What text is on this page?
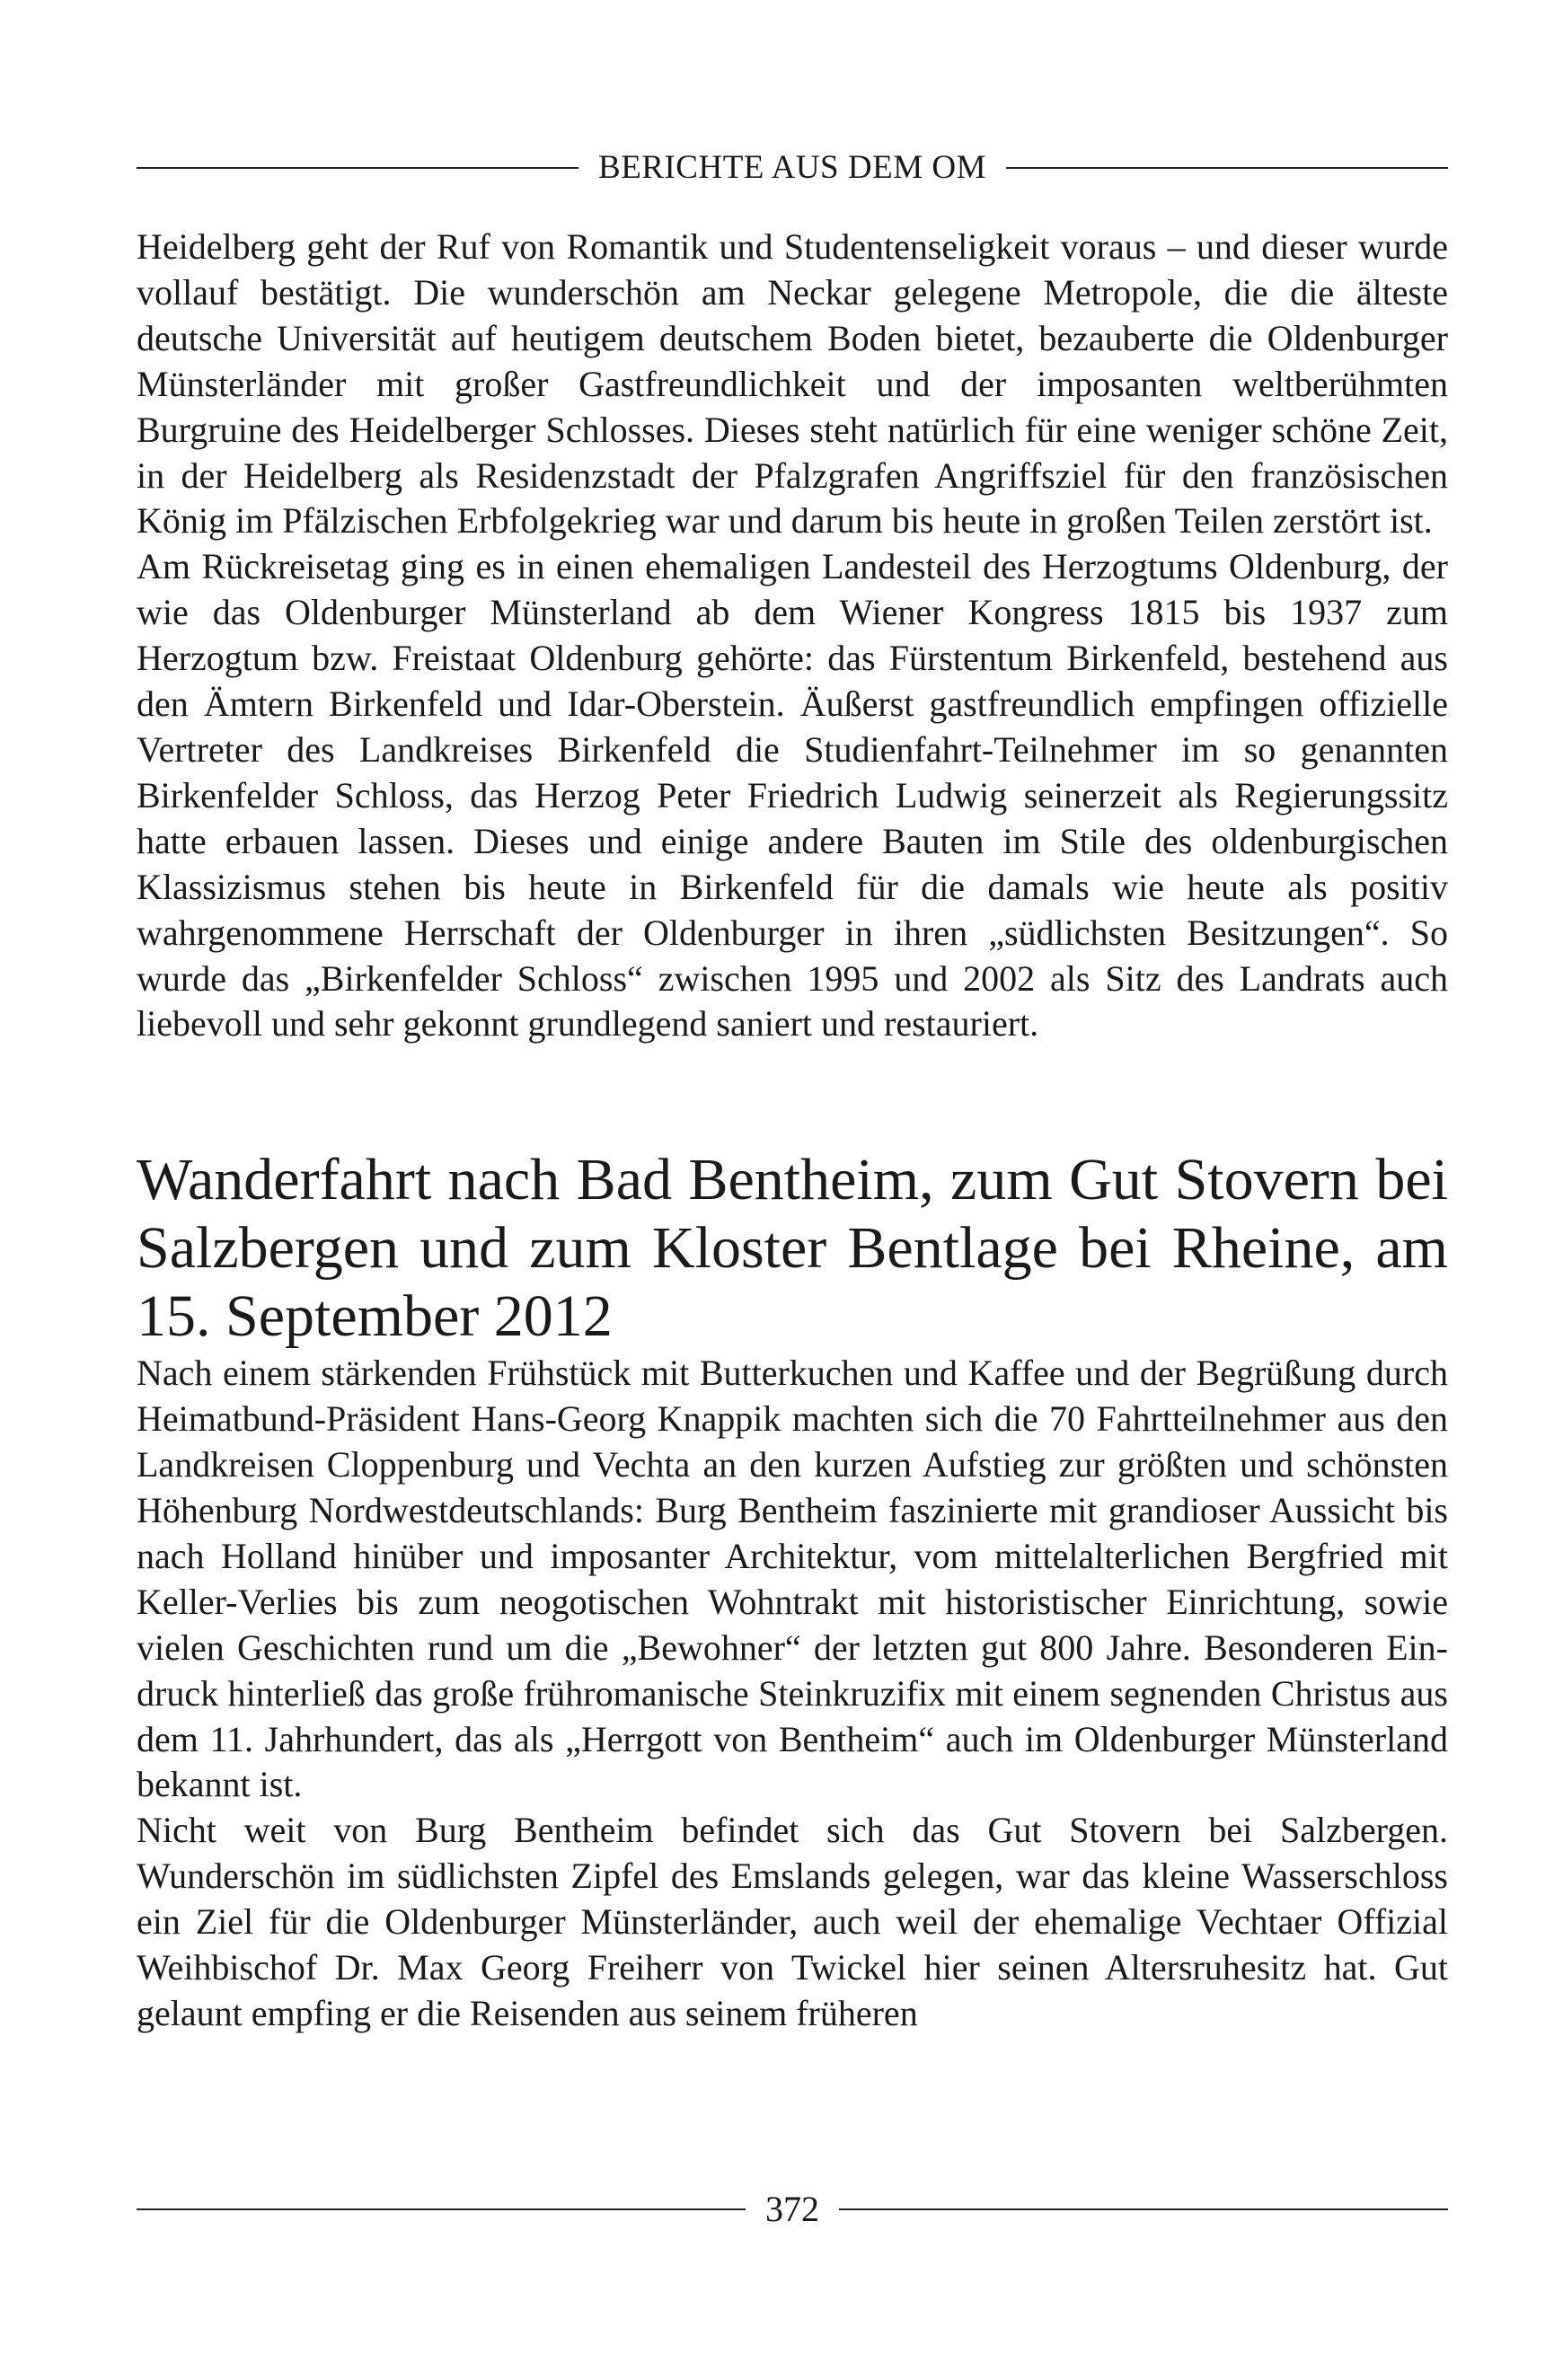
BERICHTE AUS DEM OM

Heidelberg geht der Ruf von Romantik und Studentenseligkeit voraus – und dieser wurde vollauf bestätigt. Die wunderschön am Neckar gelegene Metropole, die die älteste deutsche Universität auf heutigem deutschem Boden bietet, bezauberte die Oldenburger Münsterländer mit großer Gastfreundlichkeit und der imposanten weltberühmten Burgruine des Heidelberger Schlosses. Dieses steht natürlich für eine weniger schöne Zeit, in der Heidelberg als Residenzstadt der Pfalzgrafen Angriffsziel für den französischen König im Pfälzischen Erbfolgekrieg war und darum bis heute in großen Teilen zerstört ist.

Am Rückreisetag ging es in einen ehemaligen Landesteil des Herzogtums Oldenburg, der wie das Oldenburger Münsterland ab dem Wiener Kongress 1815 bis 1937 zum Herzogtum bzw. Freistaat Oldenburg gehörte: das Fürstentum Birkenfeld, bestehend aus den Ämtern Birkenfeld und Idar-Oberstein. Äußerst gastfreundlich empfingen offizielle Vertreter des Landkreises Birkenfeld die Studienfahrt-Teilnehmer im so genannten Birkenfelder Schloss, das Herzog Peter Friedrich Ludwig seinerzeit als Regierungssitz hatte erbauen lassen. Dieses und einige andere Bauten im Stile des oldenburgischen Klassizismus stehen bis heute in Birkenfeld für die damals wie heute als positiv wahrgenommene Herrschaft der Oldenburger in ihren „südlichsten Besitzungen“. So wurde das „Birkenfelder Schloss“ zwischen 1995 und 2002 als Sitz des Landrats auch liebevoll und sehr gekonnt grundlegend saniert und restauriert.

Wanderfahrt nach Bad Bentheim, zum Gut Stovern bei Salzbergen und zum Kloster Bentlage bei Rheine, am 15. September 2012

Nach einem stärkenden Frühstück mit Butterkuchen und Kaffee und der Begrüßung durch Heimatbund-Präsident Hans-Georg Knappik machten sich die 70 Fahrtteilnehmer aus den Landkreisen Cloppenburg und Vechta an den kurzen Aufstieg zur größten und schönsten Höhenburg Nordwestdeutschlands: Burg Bentheim faszinierte mit grandioser Aussicht bis nach Holland hinüber und imposanter Architektur, vom mittelalterlichen Bergfried mit Keller-Verlies bis zum neogotischen Wohntrakt mit historistischer Einrichtung, sowie vielen Geschichten rund um die „Bewohner“ der letzten gut 800 Jahre. Besonderen Eindruck hinterließ das große frühromanische Steinkruzifix mit einem segnenden Christus aus dem 11. Jahrhundert, das als „Herrgott von Bentheim“ auch im Oldenburger Münsterland bekannt ist.

Nicht weit von Burg Bentheim befindet sich das Gut Stovern bei Salzbergen. Wunderschön im südlichsten Zipfel des Emslands gelegen, war das kleine Wasserschloss ein Ziel für die Oldenburger Münsterländer, auch weil der ehemalige Vechtaer Offizial Weihbischof Dr. Max Georg Freiherr von Twickel hier seinen Altersruhesitz hat. Gut gelaunt empfing er die Reisenden aus seinem früheren

372
